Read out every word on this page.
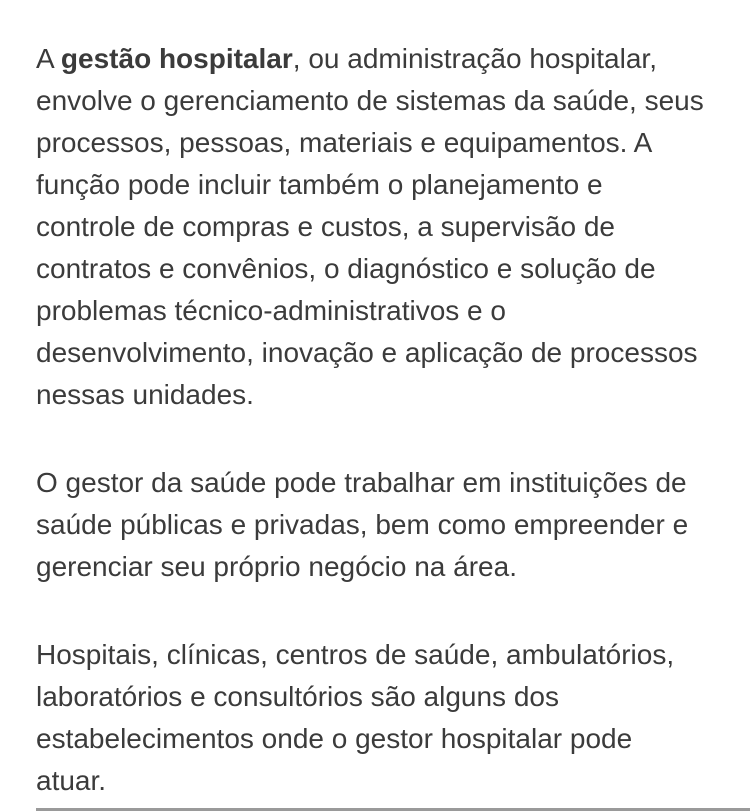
A gestão hospitalar, ou administração hospitalar,
envolve o gerenciamento de sistemas da saúde, seus
processos, pessoas, materiais e equipamentos. A
função pode incluir também o planejamento e
controle de compras e custos, a supervisão de
contratos e convênios, o diagnóstico e solução de
problemas técnico-administrativos e o
desenvolvimento, inovação e aplicação de processos
nessas unidades.
O gestor da saúde pode trabalhar em instituições de
saúde públicas e privadas, bem como empreender e
gerenciar seu próprio negócio na área.
Hospitais, clínicas, centros de saúde, ambulatórios,
laboratórios e consultórios são alguns dos
estabelecimentos onde o gestor hospitalar pode
atuar.
